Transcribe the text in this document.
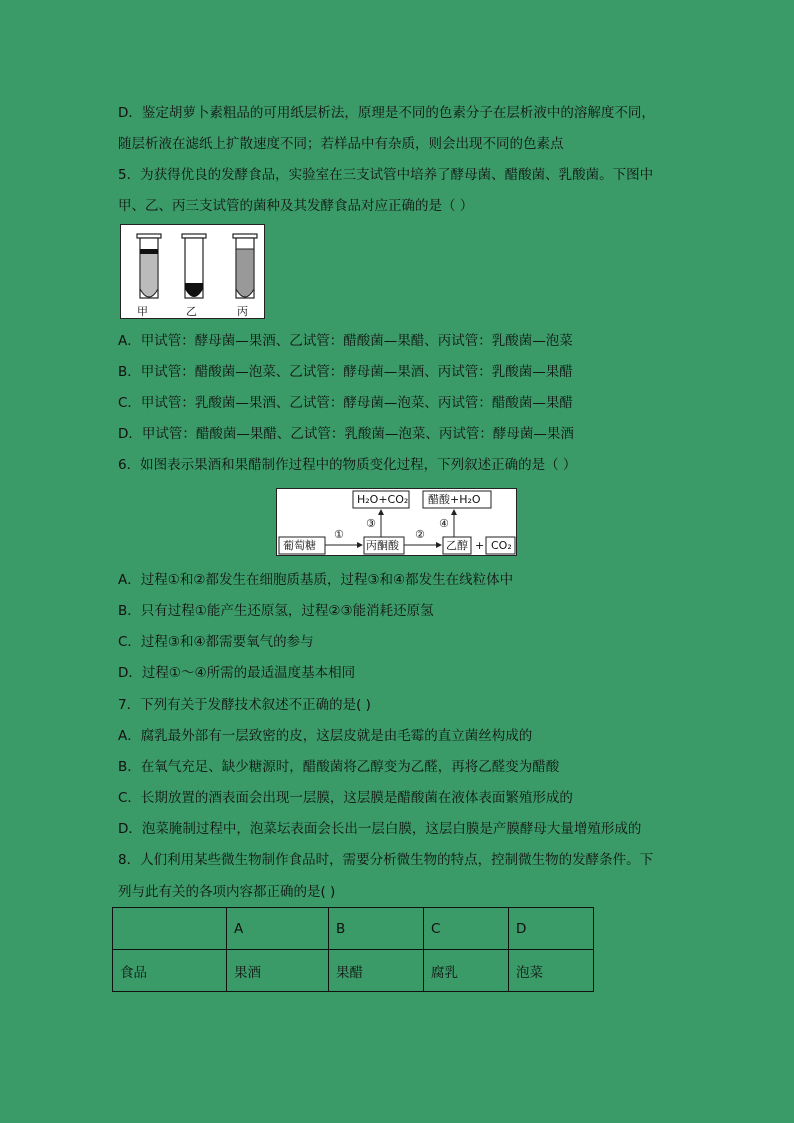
D．鉴定胡萝卜素粗品的可用纸层析法，原理是不同的色素分子在层析液中的溶解度不同，
随层析液在滤纸上扩散速度不同；若样品中有杂质，则会出现不同的色素点
5．为获得优良的发酵食品，实验室在三支试管中培养了酵母菌、醋酸菌、乳酸菌。下图中
甲、乙、丙三支试管的菌种及其发酵食品对应正确的是（ ）
甲	乙	丙
A．甲试管：酵母菌—果酒、乙试管：醋酸菌—果醋、丙试管：乳酸菌—泡菜
B．甲试管：醋酸菌—泡菜、乙试管：酵母菌—果酒、丙试管：乳酸菌—果醋
C．甲试管：乳酸菌—果酒、乙试管：酵母菌—泡菜、丙试管：醋酸菌—果醋
D．甲试管：醋酸菌—果醋、乙试管：乳酸菌—泡菜、丙试管：酵母菌—果酒
6．如图表示果酒和果醋制作过程中的物质变化过程，下列叙述正确的是（ ）
葡萄糖	丙酮酸	乙醇 + CO₂
H₂O+CO₂ 醋酸+H₂O
①	②
③	④
A．过程①和②都发生在细胞质基质，过程③和④都发生在线粒体中
B．只有过程①能产生还原氢，过程②③能消耗还原氢
C．过程③和④都需要氧气的参与
D．过程①～④所需的最适温度基本相同
7．下列有关于发酵技术叙述不正确的是( )
A．腐乳最外部有一层致密的皮，这层皮就是由毛霉的直立菌丝构成的
B．在氧气充足、缺少糖源时，醋酸菌将乙醇变为乙醛，再将乙醛变为醋酸
C．长期放置的酒表面会出现一层膜，这层膜是醋酸菌在液体表面繁殖形成的
D．泡菜腌制过程中，泡菜坛表面会长出一层白膜，这层白膜是产膜酵母大量增殖形成的
8．人们利用某些微生物制作食品时，需要分析微生物的特点，控制微生物的发酵条件。下
列与此有关的各项内容都正确的是( )
	A	B	C	D
食品	果酒	果醋	腐乳	泡菜
